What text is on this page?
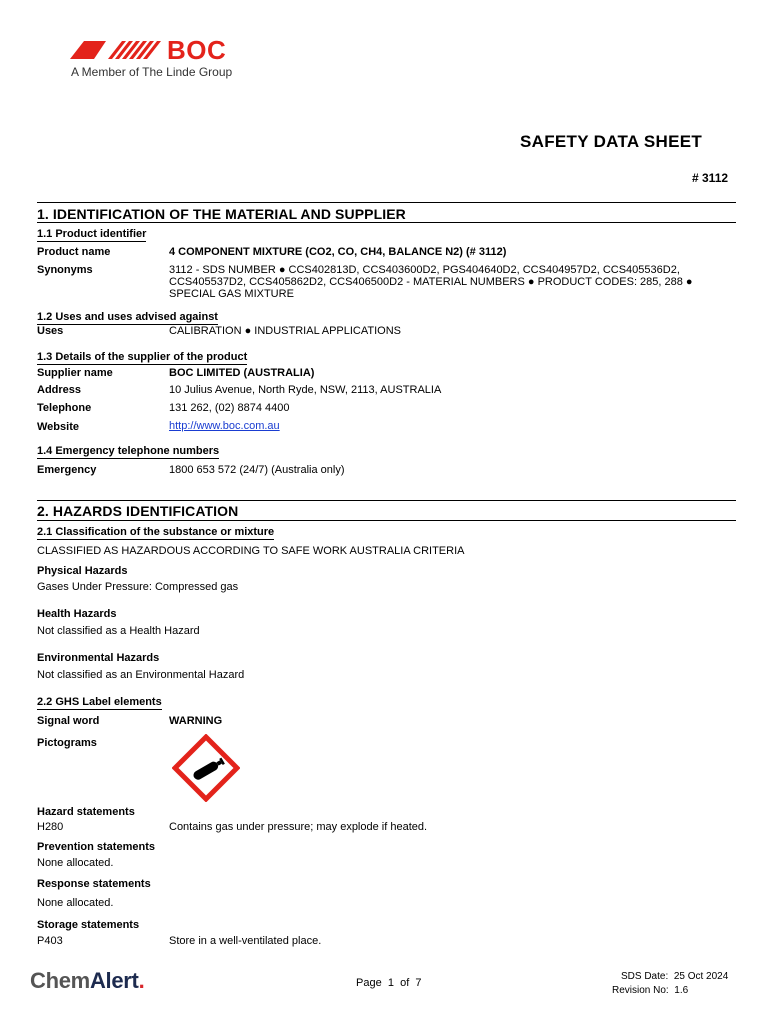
BOC
A Member of The Linde Group
SAFETY DATA SHEET
# 3112
1. IDENTIFICATION OF THE MATERIAL AND SUPPLIER
1.1 Product identifier
Product name	4 COMPONENT MIXTURE (CO2, CO, CH4, BALANCE N2) (# 3112)
Synonyms	3112 - SDS NUMBER ● CCS402813D, CCS403600D2, PGS404640D2, CCS404957D2, CCS405536D2,
CCS405537D2, CCS405862D2, CCS406500D2 - MATERIAL NUMBERS ● PRODUCT CODES: 285, 288 ●
SPECIAL GAS MIXTURE
1.2 Uses and uses advised against
Uses	CALIBRATION ● INDUSTRIAL APPLICATIONS
1.3 Details of the supplier of the product
Supplier name	BOC LIMITED (AUSTRALIA)
Address	10 Julius Avenue, North Ryde, NSW, 2113, AUSTRALIA
Telephone	131 262, (02) 8874 4400
Website	http://www.boc.com.au
1.4 Emergency telephone numbers
Emergency	1800 653 572 (24/7) (Australia only)
2. HAZARDS IDENTIFICATION
2.1 Classification of the substance or mixture
CLASSIFIED AS HAZARDOUS ACCORDING TO SAFE WORK AUSTRALIA CRITERIA
Physical Hazards
Gases Under Pressure: Compressed gas
Health Hazards
Not classified as a Health Hazard
Environmental Hazards
Not classified as an Environmental Hazard
2.2 GHS Label elements
Signal word	WARNING
Pictograms
Hazard statements
H280	Contains gas under pressure; may explode if heated.
Prevention statements
None allocated.
Response statements
None allocated.
Storage statements
P403	Store in a well-ventilated place.
ChemAlert.	Page 1 of 7
SDS Date: 25 Oct 2024
Revision No: 1.6
